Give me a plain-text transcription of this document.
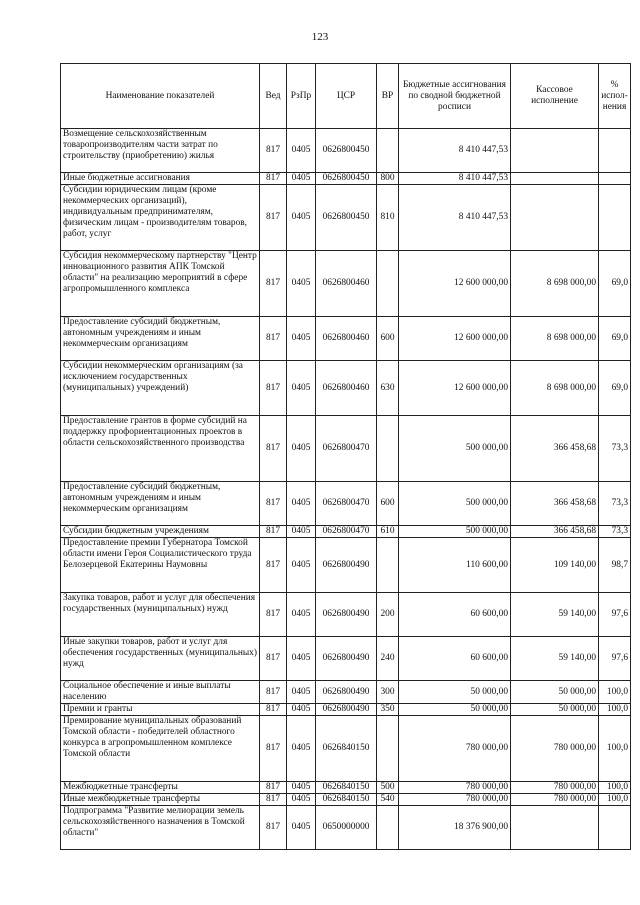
123
Наименование показателей	Вед	РзПр	ЦСР	ВР	Бюджетные ассигнования по сводной бюджетной росписи	Кассовое исполнение	% испол-нения
Возмещение сельскохозяйственным товаропроизводителям части затрат по строительству (приобретению) жилья	817	0405	0626800450		8 410 447,53		
Иные бюджетные ассигнования	817	0405	0626800450	800	8 410 447,53		
Субсидии юридическим лицам (кроме некоммерческих организаций), индивидуальным предпринимателям, физическим лицам - производителям товаров, работ, услуг	817	0405	0626800450	810	8 410 447,53		
Субсидия некоммерческому партнерству "Центр инновационного развития АПК Томской области" на реализацию мероприятий в сфере агропромышленного комплекса	817	0405	0626800460		12 600 000,00	8 698 000,00	69,0
Предоставление субсидий бюджетным, автономным учреждениям и иным некоммерческим организациям	817	0405	0626800460	600	12 600 000,00	8 698 000,00	69,0
Субсидии некоммерческим организациям (за исключением государственных (муниципальных) учреждений)	817	0405	0626800460	630	12 600 000,00	8 698 000,00	69,0
Предоставление грантов в форме субсидий на поддержку профориентационных проектов в области сельскохозяйственного производства	817	0405	0626800470		500 000,00	366 458,68	73,3
Предоставление субсидий бюджетным, автономным учреждениям и иным некоммерческим организациям	817	0405	0626800470	600	500 000,00	366 458,68	73,3
Субсидии бюджетным учреждениям	817	0405	0626800470	610	500 000,00	366 458,68	73,3
Предоставление премии Губернатора Томской области имени Героя Социалистического труда Белозерцевой Екатерины Наумовны	817	0405	0626800490		110 600,00	109 140,00	98,7
Закупка товаров, работ и услуг для обеспечения государственных (муниципальных) нужд	817	0405	0626800490	200	60 600,00	59 140,00	97,6
Иные закупки товаров, работ и услуг для обеспечения государственных (муниципальных) нужд	817	0405	0626800490	240	60 600,00	59 140,00	97,6
Социальное обеспечение и иные выплаты населению	817	0405	0626800490	300	50 000,00	50 000,00	100,0
Премии и гранты	817	0405	0626800490	350	50 000,00	50 000,00	100,0
Премирование муниципальных образований Томской области - победителей областного конкурса в агропромышленном комплексе Томской области	817	0405	0626840150		780 000,00	780 000,00	100,0
Межбюджетные трансферты	817	0405	0626840150	500	780 000,00	780 000,00	100,0
Иные межбюджетные трансферты	817	0405	0626840150	540	780 000,00	780 000,00	100,0
Подпрограмма "Развитие мелиорации земель сельскохозяйственного назначения в Томской области"	817	0405	0650000000		18 376 900,00		
